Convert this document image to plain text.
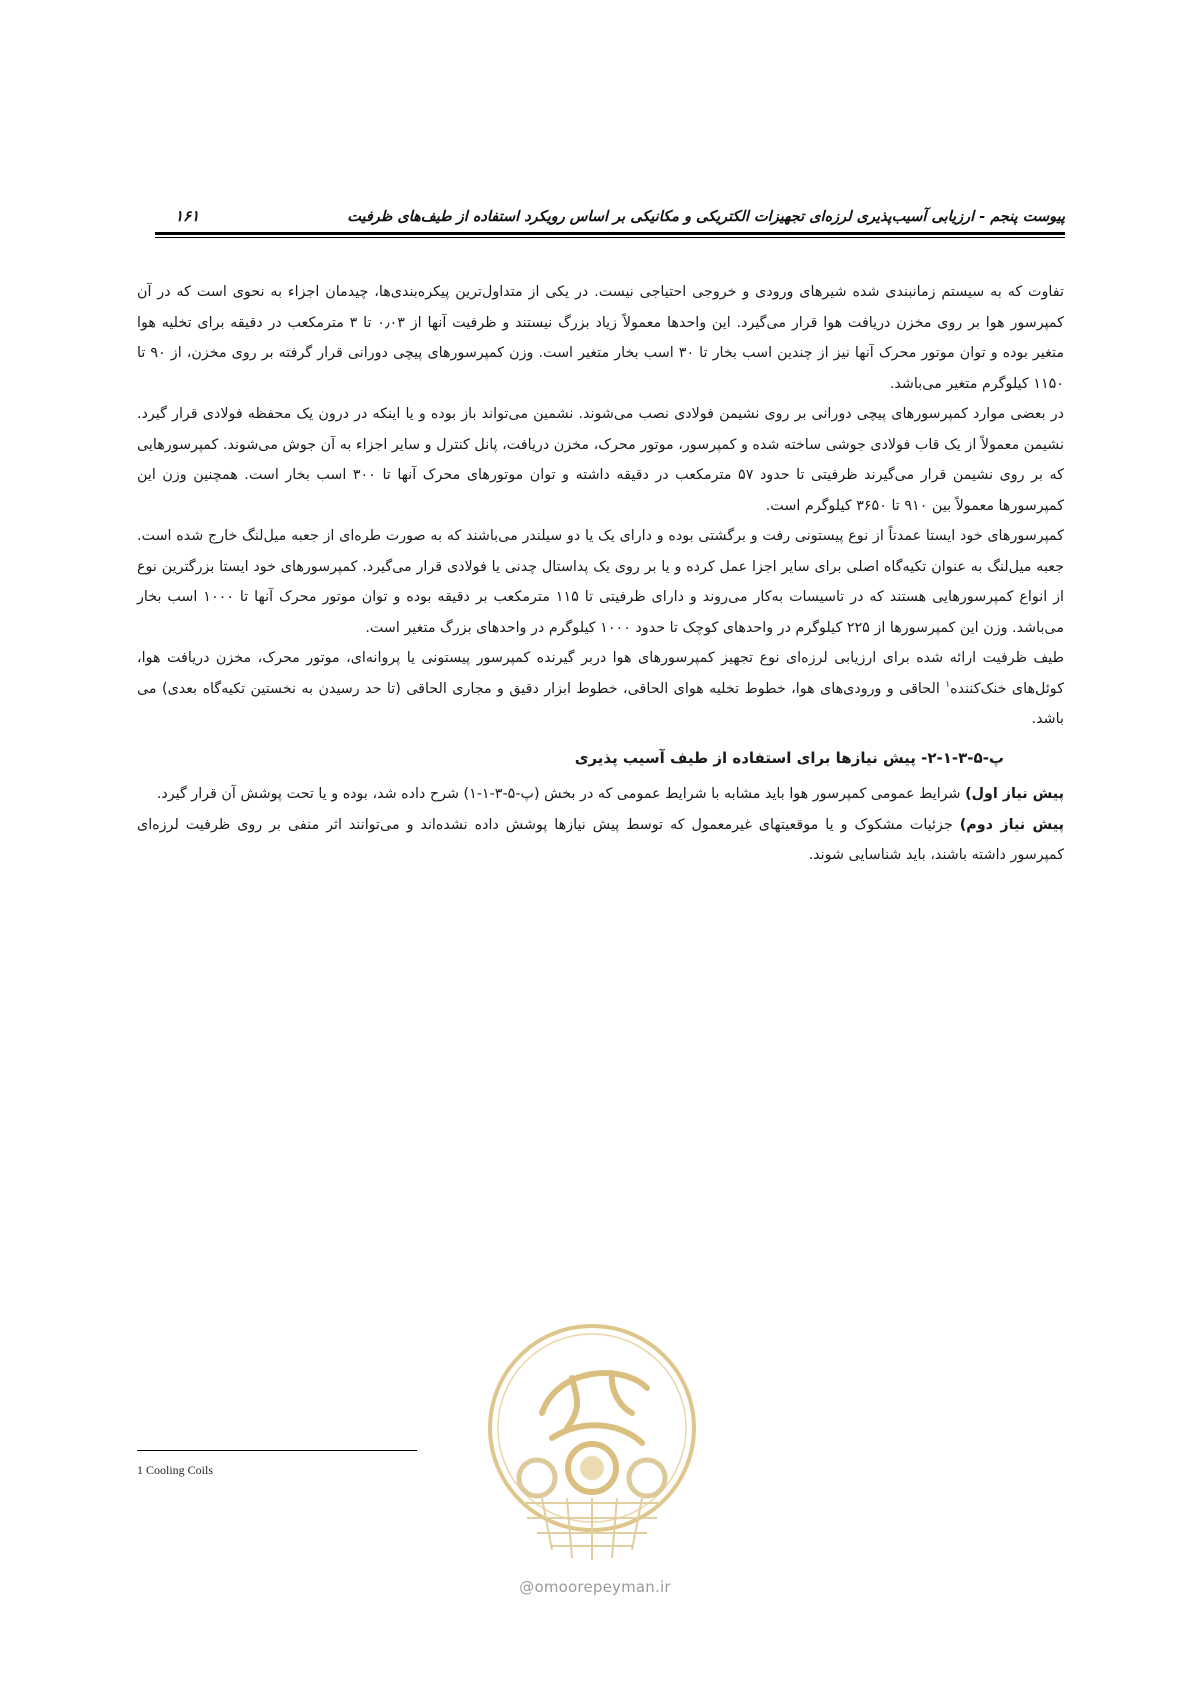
۱۶۱	پیوست پنجم - ارزیابی آسیب‌پذیری لرزه‌ای تجهیزات الکتریکی و مکانیکی بر اساس رویکرد استفاده از طیف‌های ظرفیت

تفاوت که به سیستم زمانبندی شده شیرهای ورودی و خروجی احتیاجی نیست. در یکی از متداول‌ترین پیکره‌بندی‌ها، چیدمان اجزاء به نحوی است که در آن کمپرسور هوا بر روی مخزن دریافت هوا قرار می‌گیرد. این واحدها معمولاً زیاد بزرگ نیستند و ظرفیت آنها از ۰٫۰۳ تا ۳ مترمکعب در دقیقه برای تخلیه هوا متغیر بوده و توان موتور محرک آنها نیز از چندین اسب بخار تا ۳۰ اسب بخار متغیر است. وزن کمپرسورهای پیچی دورانی قرار گرفته بر روی مخزن، از ۹۰ تا ۱۱۵۰ کیلوگرم متغیر می‌باشد.

در بعضی موارد کمپرسورهای پیچی دورانی بر روی نشیمن فولادی نصب می‌شوند. نشمین می‌تواند باز بوده و یا اینکه در درون یک محفظه فولادی قرار گیرد. نشیمن معمولاً از یک قاب فولادی جوشی ساخته شده و کمپرسور، موتور محرک، مخزن دریافت، پانل کنترل و سایر اجزاء به آن جوش می‌شوند. کمپرسورهایی که بر روی نشیمن قرار می‌گیرند ظرفیتی تا حدود ۵۷ مترمکعب در دقیقه داشته و توان موتورهای محرک آنها تا ۳۰۰ اسب بخار است. همچنین وزن این کمپرسورها معمولاً بین ۹۱۰ تا ۳۶۵۰ کیلوگرم است.

کمپرسورهای خود ایستا عمدتاً از نوع پیستونی رفت و برگشتی بوده و دارای یک یا دو سیلندر می‌باشند که به صورت طره‌ای از جعبه میل‌لنگ خارج شده است. جعبه میل‌لنگ به عنوان تکیه‌گاه اصلی برای سایر اجزا عمل کرده و یا بر روی یک پداستال چدنی یا فولادی قرار می‌گیرد. کمپرسورهای خود ایستا بزرگترین نوع از انواع کمپرسورهایی هستند که در تاسیسات به‌کار می‌روند و دارای ظرفیتی تا ۱۱۵ مترمکعب بر دقیقه بوده و توان موتور محرک آنها تا ۱۰۰۰ اسب بخار می‌باشد. وزن این کمپرسورها از ۲۲۵ کیلوگرم در واحدهای کوچک تا حدود ۱۰۰۰ کیلوگرم در واحدهای بزرگ متغیر است.

طیف ظرفیت ارائه شده برای ارزیابی لرزه‌ای نوع تجهیز کمپرسورهای هوا دربر گیرنده کمپرسور پیستونی یا پروانه‌ای، موتور محرک، مخزن دریافت هوا، کوئل‌های خنک‌کننده$^۱$ الحاقی و ورودی‌های هوا، خطوط تخلیه هوای الحاقی، خطوط ابزار دقیق و مجاری الحاقی (تا حد رسیدن به نخستین تکیه‌گاه بعدی) می باشد.

پ-۵-۳-۱-۲- پیش نیازها برای استفاده از طیف آسیب پذیری

پیش نیاز اول) شرایط عمومی کمپرسور هوا باید مشابه با شرایط عمومی که در بخش (پ-۵-۳-۱-۱) شرح داده شد، بوده و یا تحت پوشش آن قرار گیرد.

پیش نیاز دوم) جزئیات مشکوک و یا موقعیتهای غیرمعمول که توسط پیش نیازها پوشش داده نشده‌اند و می‌توانند اثر منفی بر روی ظرفیت لرزه‌ای کمپرسور داشته باشند، باید شناسایی شوند.

@omoorepeyman.ir
1 Cooling Coils
